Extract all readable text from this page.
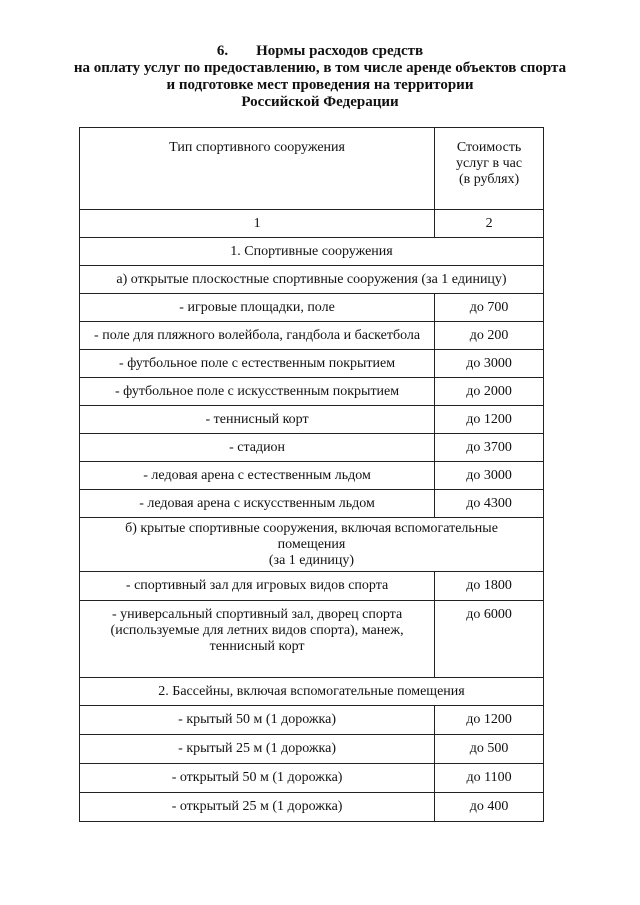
6. Нормы расходов средств
на оплату услуг по предоставлению, в том числе аренде объектов спорта
и подготовке мест проведения на территории
Российской Федерации
Тип спортивного сооружения	Стоимость
услуг в час
(в рублях)

1	2
1. Спортивные сооружения	
а) открытые плоскостные спортивные сооружения (за 1 единицу)	
- игровые площадки, поле	до 700
- поле для пляжного волейбола, гандбола и баскетбола	до 200
- футбольное поле с естественным покрытием	до 3000
- футбольное поле с искусственным покрытием	до 2000
- теннисный корт	до 1200
- стадион	до 3700
- ледовая арена с естественным льдом	до 3000
- ледовая арена с искусственным льдом	до 4300

б) крытые спортивные сооружения, включая вспомогательные
помещения
(за 1 единицу)	

- спортивный зал для игровых видов спорта	до 1800

- универсальный спортивный зал, дворец спорта
(используемые для летних видов спорта), манеж,
теннисный корт	до 6000
2. Бассейны, включая вспомогательные помещения	
- крытый 50 м (1 дорожка)	до 1200
- крытый 25 м (1 дорожка)	до 500
- открытый 50 м (1 дорожка)	до 1100
- открытый 25 м (1 дорожка)	до 400
